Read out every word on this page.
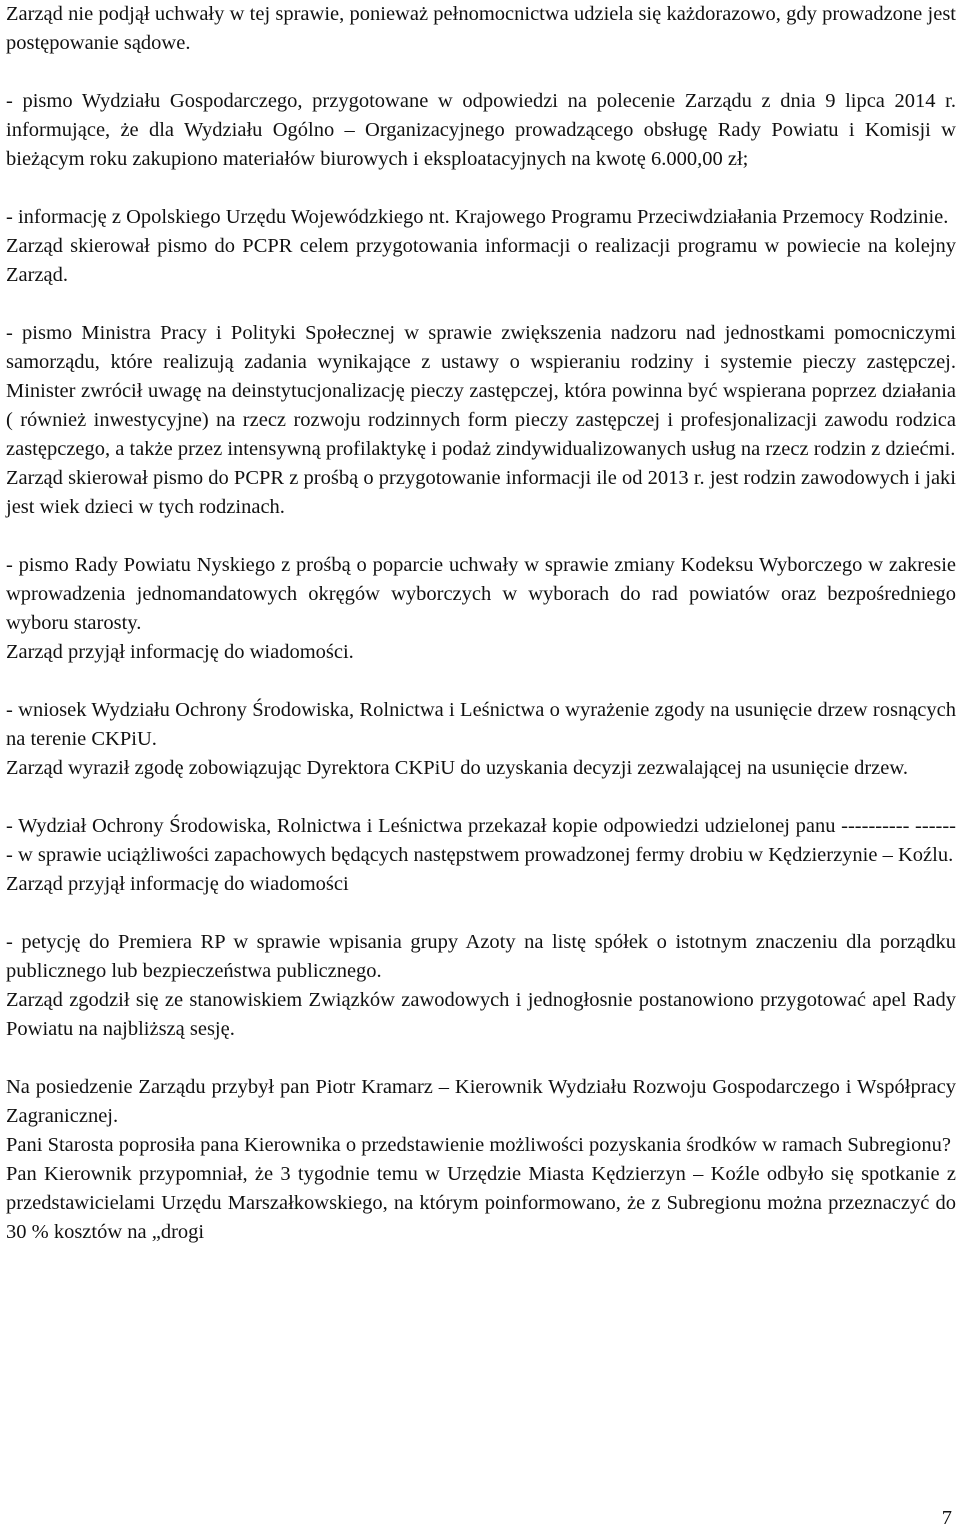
Zarząd nie podjął uchwały w tej sprawie, ponieważ pełnomocnictwa udziela się każdorazowo, gdy prowadzone jest postępowanie sądowe.

- pismo Wydziału Gospodarczego, przygotowane w odpowiedzi na polecenie Zarządu z dnia 9 lipca 2014 r. informujące, że dla Wydziału Ogólno – Organizacyjnego prowadzącego obsługę Rady Powiatu i Komisji w bieżącym roku zakupiono materiałów biurowych i eksploatacyjnych na kwotę 6.000,00 zł;

- informację z Opolskiego Urzędu Wojewódzkiego nt. Krajowego Programu Przeciwdziałania Przemocy Rodzinie.

Zarząd skierował pismo do PCPR celem przygotowania informacji o realizacji programu w powiecie na kolejny Zarząd.

- pismo Ministra Pracy i Polityki Społecznej w sprawie zwiększenia nadzoru nad jednostkami pomocniczymi samorządu, które realizują zadania wynikające z ustawy o wspieraniu rodziny i systemie pieczy zastępczej. Minister zwrócił uwagę na deinstytucjonalizację pieczy zastępczej, która powinna być wspierana poprzez działania ( również inwestycyjne) na rzecz rozwoju rodzinnych form pieczy zastępczej i profesjonalizacji zawodu rodzica zastępczego, a także przez intensywną profilaktykę i podaż zindywidualizowanych usług na rzecz rodzin z dziećmi.

Zarząd skierował pismo do PCPR z prośbą o przygotowanie informacji ile od 2013 r. jest rodzin zawodowych i jaki jest wiek dzieci w tych rodzinach.

- pismo Rady Powiatu Nyskiego z prośbą o poparcie uchwały w sprawie zmiany Kodeksu Wyborczego w zakresie wprowadzenia jednomandatowych okręgów wyborczych w wyborach do rad powiatów oraz bezpośredniego wyboru starosty.

Zarząd przyjął informację do wiadomości.

- wniosek Wydziału Ochrony Środowiska, Rolnictwa i Leśnictwa o wyrażenie zgody na usunięcie drzew rosnących na terenie CKPiU.

Zarząd wyraził zgodę zobowiązując Dyrektora CKPiU do uzyskania decyzji zezwalającej na usunięcie drzew.

- Wydział Ochrony Środowiska, Rolnictwa i Leśnictwa przekazał kopie odpowiedzi udzielonej panu ---------- ------- w sprawie uciążliwości zapachowych będących następstwem prowadzonej fermy drobiu w Kędzierzynie – Koźlu.

Zarząd przyjął informację do wiadomości

- petycję do Premiera RP w sprawie wpisania grupy Azoty na listę spółek o istotnym znaczeniu dla porządku publicznego lub bezpieczeństwa publicznego.

Zarząd zgodził się ze stanowiskiem Związków zawodowych i jednogłosnie postanowiono przygotować apel Rady Powiatu na najbliższą sesję.

Na posiedzenie Zarządu przybył pan Piotr Kramarz – Kierownik Wydziału Rozwoju Gospodarczego i Współpracy Zagranicznej.

Pani Starosta poprosiła pana Kierownika o przedstawienie możliwości pozyskania środków w ramach Subregionu?

Pan Kierownik przypomniał, że 3 tygodnie temu w Urzędzie Miasta Kędzierzyn – Koźle odbyło się spotkanie z przedstawicielami Urzędu Marszałkowskiego, na którym poinformowano, że z Subregionu można przeznaczyć do 30 % kosztów na „drogi

7
